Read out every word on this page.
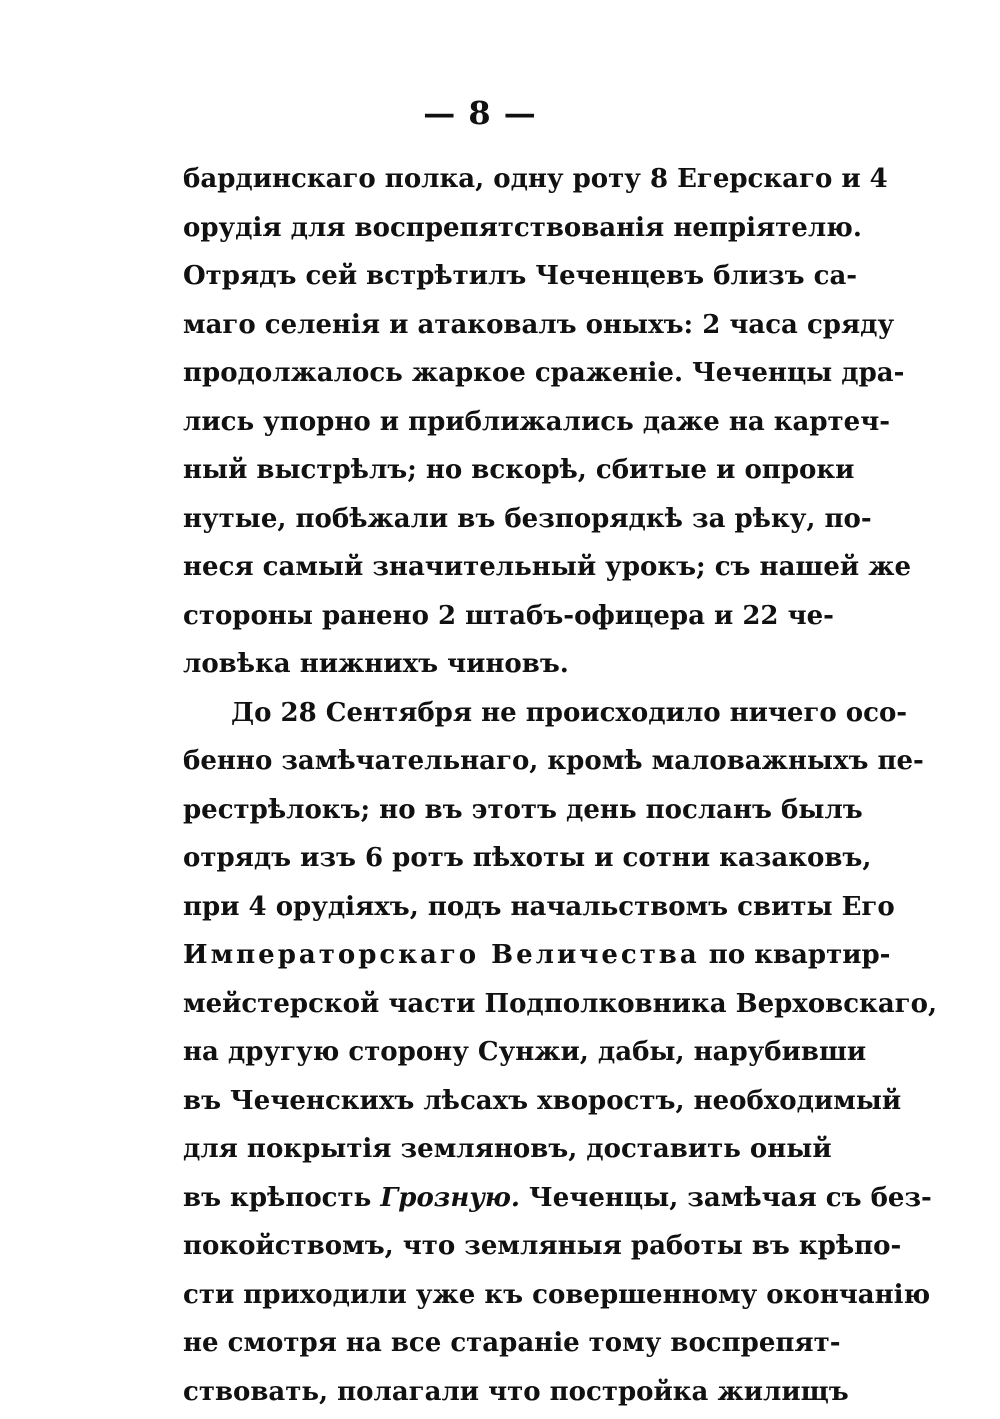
— 8 —
бардинскаго полка, одну роту 8 Егерскаго и 4
орудія для воспрепятствованія непріятелю.
Отрядъ сей встрѣтилъ Чеченцевъ близъ са-
маго селенія и атаковалъ оныхъ: 2 часа сряду
продолжалось жаркое сраженіе. Чеченцы дра-
лись упорно и приближались даже на картеч-
ный выстрѣлъ; но вскорѣ, сбитые и опроки
нутые, побѣжали въ безпорядкѣ за рѣку, по-
неся самый значительный урокъ; съ нашей же
стороны ранено 2 штабъ-офицера и 22 че-
ловѣка нижнихъ чиновъ.
До 28 Сентября не происходило ничего осо-
бенно замѣчательнаго, кромѣ маловажныхъ пе-
рестрѣлокъ; но въ этотъ день посланъ былъ
отрядъ изъ 6 ротъ пѣхоты и сотни казаковъ,
при 4 орудіяхъ, подъ начальствомъ свиты Его
Императорскаго Величества по квартир-
мейстерской части Подполковника Верховскаго,
на другую сторону Сунжи, дабы, нарубивши
въ Чеченскихъ лѣсахъ хворостъ, необходимый
для покрытія земляновъ, доставить оный
въ крѣпость Грозную. Чеченцы, замѣчая съ без-
покойствомъ, что земляныя работы въ крѣпо-
сти приходили уже къ совершенному окончанію
не смотря на все стараніе тому воспрепят-
ствовать, полагали что постройка жилищъ
